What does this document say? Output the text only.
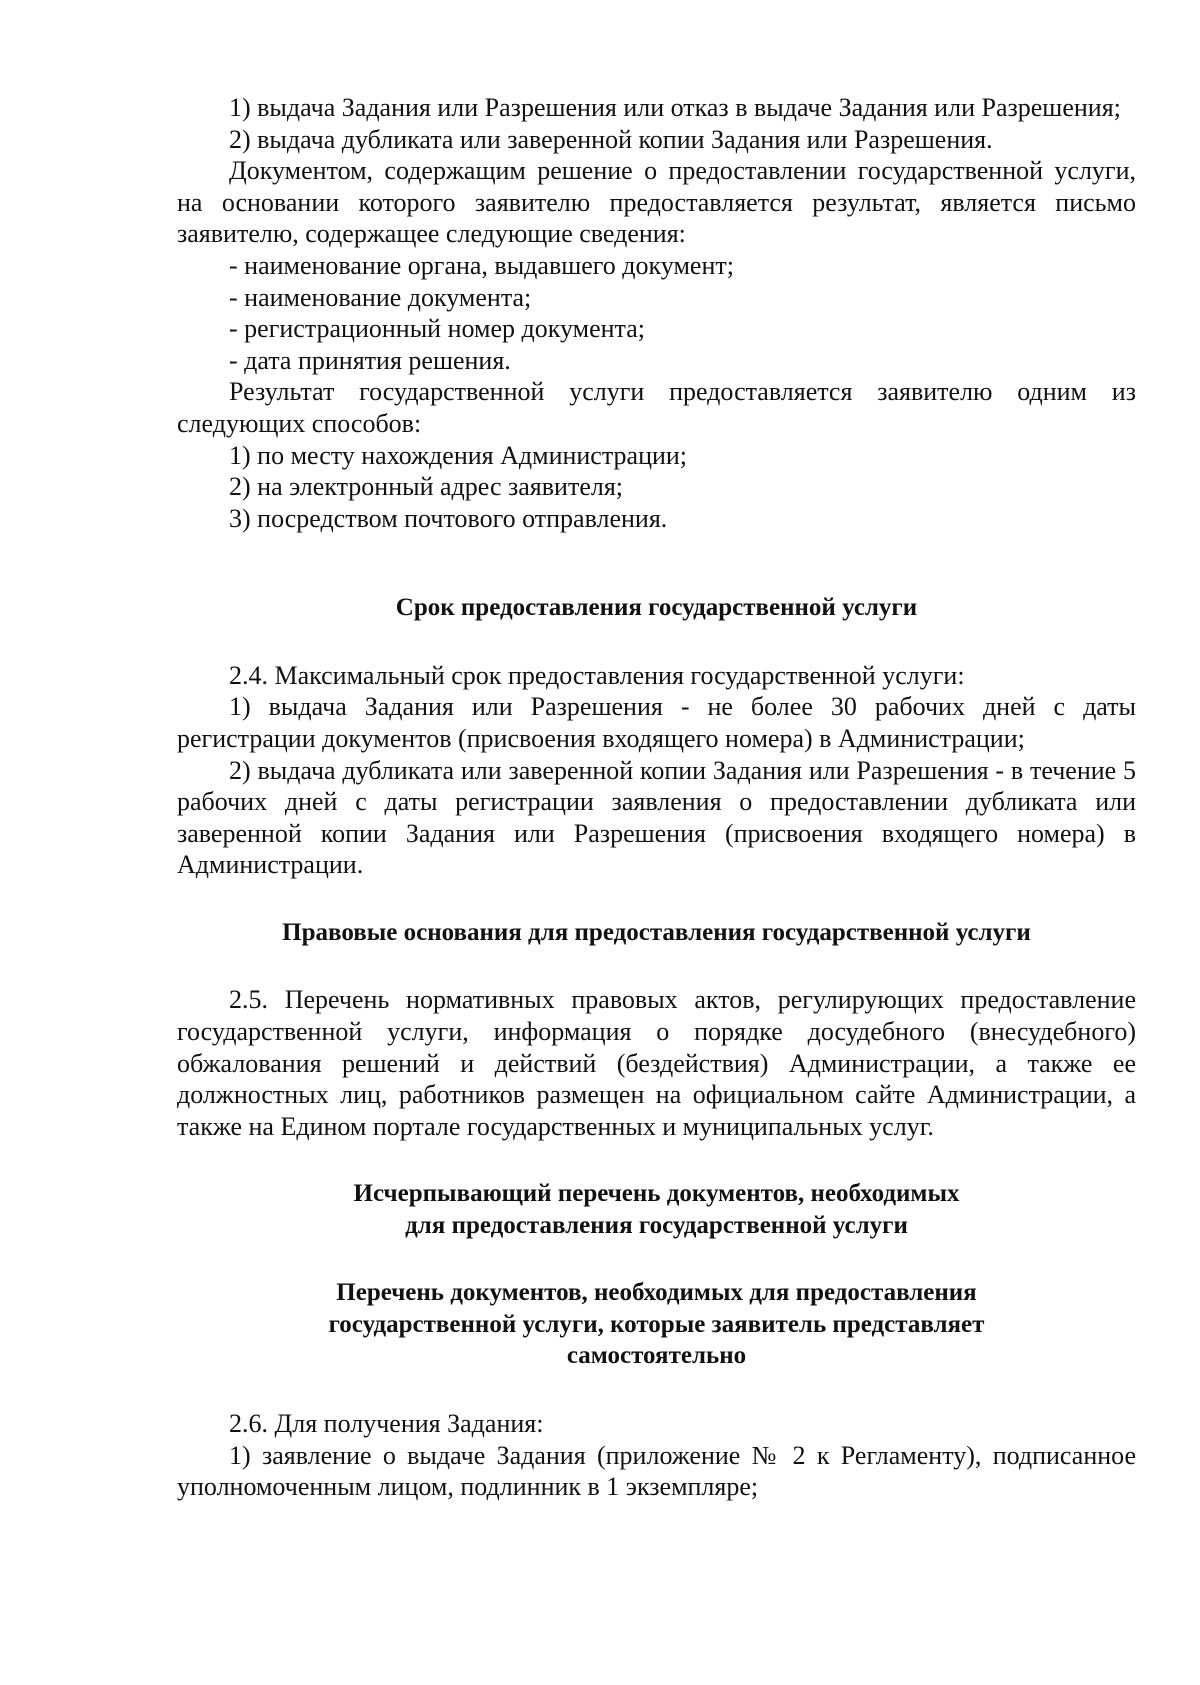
1) выдача Задания или Разрешения или отказ в выдаче Задания или Разрешения;

2) выдача дубликата или заверенной копии Задания или Разрешения.

Документом, содержащим решение о предоставлении государственной услуги, на основании которого заявителю предоставляется результат, является письмо заявителю, содержащее следующие сведения:

- наименование органа, выдавшего документ;

- наименование документа;

- регистрационный номер документа;

- дата принятия решения.

Результат государственной услуги предоставляется заявителю одним из следующих способов:

1) по месту нахождения Администрации;

2) на электронный адрес заявителя;

3) посредством почтового отправления.

Срок предоставления государственной услуги

2.4. Максимальный срок предоставления государственной услуги:

1) выдача Задания или Разрешения - не более 30 рабочих дней с даты регистрации документов (присвоения входящего номера) в Администрации;

2) выдача дубликата или заверенной копии Задания или Разрешения - в течение 5 рабочих дней с даты регистрации заявления о предоставлении дубликата или заверенной копии Задания или Разрешения (присвоения входящего номера) в Администрации.

Правовые основания для предоставления государственной услуги

2.5. Перечень нормативных правовых актов, регулирующих предоставление государственной услуги, информация о порядке досудебного (внесудебного) обжалования решений и действий (бездействия) Администрации, а также ее должностных лиц, работников размещен на официальном сайте Администрации, а также на Едином портале государственных и муниципальных услуг.

Исчерпывающий перечень документов, необходимых
для предоставления государственной услуги
Перечень документов, необходимых для предоставления
государственной услуги, которые заявитель представляет
самостоятельно

2.6. Для получения Задания:

1) заявление о выдаче Задания (приложение № 2 к Регламенту), подписанное уполномоченным лицом, подлинник в 1 экземпляре;
